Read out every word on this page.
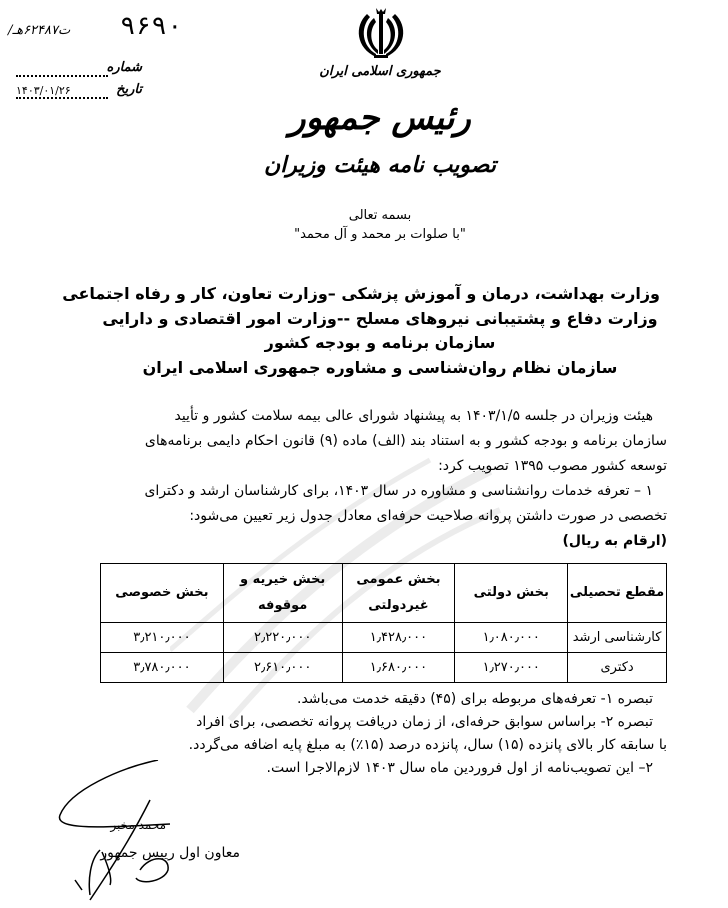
/ت۶۲۴۸۷هـ ۹۶۹۰
شماره
تاریخ
۱۴۰۳/۰۱/۲۶
جمهوری اسلامی ایران
رئیس جمهور
تصویب نامه هیئت وزیران
بسمه تعالی
"با صلوات بر محمد و آل محمد"
وزارت بهداشت، درمان و آموزش پزشکی –وزارت تعاون، کار و رفاه اجتماعی
وزارت دفاع و پشتیبانی نیروهای مسلح --وزارت امور اقتصادی و دارایی
سازمان برنامه و بودجه کشور
سازمان نظام روان‌شناسی و مشاوره جمهوری اسلامی ایران
هیئت وزیران در جلسه ۱۴۰۳/۱/۵ به پیشنهاد شورای عالی بیمه سلامت کشور و تأیید
سازمان برنامه و بودجه کشور و به استناد بند (الف) ماده (۹) قانون احکام دایمی برنامه‌های
توسعه کشور مصوب ۱۳۹۵ تصویب کرد:
۱ – تعرفه خدمات روانشناسی و مشاوره در سال ۱۴۰۳، برای کارشناسان ارشد و دکترای
تخصصی در صورت داشتن پروانه صلاحیت حرفه‌ای معادل جدول زیر تعیین می‌شود:
(ارقام به ریال)
مقطع تحصیلی	بخش دولتی	بخش عمومی غیردولتی	بخش خیریه و موقوفه	بخش خصوصی
کارشناسی ارشد	۱٫۰۸۰٫۰۰۰	۱٫۴۲۸٫۰۰۰	۲٫۲۲۰٫۰۰۰	۳٫۲۱۰٫۰۰۰
دکتری	۱٫۲۷۰٫۰۰۰	۱٫۶۸۰٫۰۰۰	۲٫۶۱۰٫۰۰۰	۳٫۷۸۰٫۰۰۰
تبصره ۱- تعرفه‌های مربوطه برای (۴۵) دقیقه خدمت می‌باشد.
تبصره ۲- براساس سوابق حرفه‌ای، از زمان دریافت پروانه تخصصی، برای افراد
با سابقه کار بالای پانزده (۱۵) سال، پانزده درصد (۱۵٪) به مبلغ پایه اضافه می‌گردد.
۲– این تصویب‌نامه از اول فروردین ماه سال ۱۴۰۳ لازم‌الاجرا است.
محمد مخبر
معاون اول رییس جمهور
